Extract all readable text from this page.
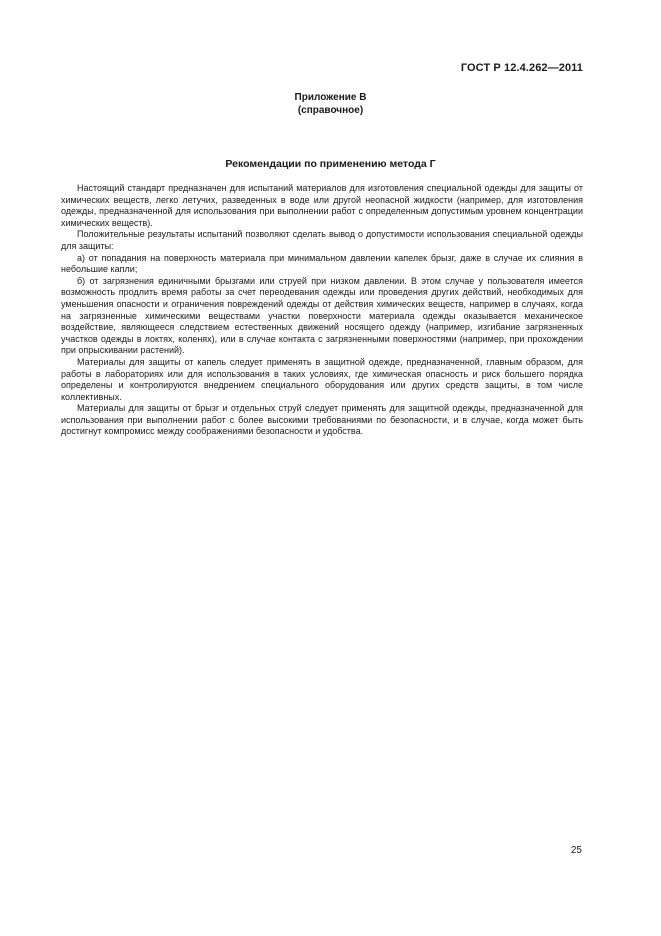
ГОСТ Р 12.4.262—2011
Приложение В
(справочное)
Рекомендации по применению метода Г

Настоящий стандарт предназначен для испытаний материалов для изготовления специальной одежды для защиты от химических веществ, легко летучих, разведенных в воде или другой неопасной жидкости (например, для изготовления одежды, предназначенной для использования при выполнении работ с определенным допустимым уровнем концентрации химических веществ).

Положительные результаты испытаний позволяют сделать вывод о допустимости использования специальной одежды для защиты:

а) от попадания на поверхность материала при минимальном давлении капелек брызг, даже в случае их слияния в небольшие капли;

б) от загрязнения единичными брызгами или струей при низком давлении. В этом случае у пользователя имеется возможность продлить время работы за счет переодевания одежды или проведения других действий, необходимых для уменьшения опасности и ограничения повреждений одежды от действия химических веществ, например в случаях, когда на загрязненные химическими веществами участки поверхности материала одежды оказывается механическое воздействие, являющееся следствием естественных движений носящего одежду (например, изгибание загрязненных участков одежды в локтях, коленях), или в случае контакта с загрязненными поверхностями (например, при прохождении при опрыскивании растений).

Материалы для защиты от капель следует применять в защитной одежде, предназначенной, главным образом, для работы в лабораториях или для использования в таких условиях, где химическая опасность и риск большего порядка определены и контролируются внедрением специального оборудования или других средств защиты, в том числе коллективных.

Материалы для защиты от брызг и отдельных струй следует применять для защитной одежды, предназначенной для использования при выполнении работ с более высокими требованиями по безопасности, и в случае, когда может быть достигнут компромисс между соображениями безопасности и удобства.

25
